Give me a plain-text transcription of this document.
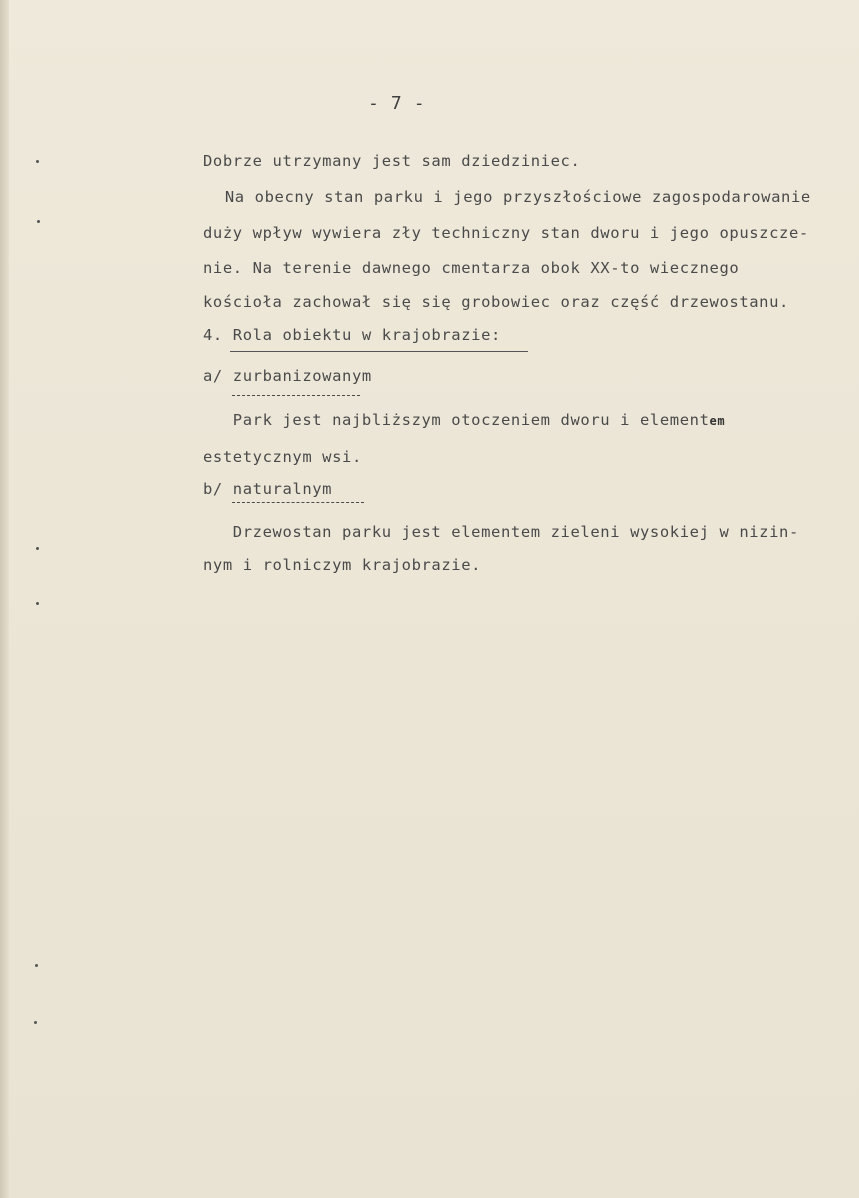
- 7 -
Dobrze utrzymany jest sam dziedziniec.
Na obecny stan parku i jego przyszłościowe zagospodarowanie
duży wpływ wywiera zły techniczny stan dworu i jego opuszcze-
nie. Na terenie dawnego cmentarza obok XX-to wiecznego
kościoła zachował się się grobowiec oraz część drzewostanu.
4. Rola obiektu w krajobrazie:
a/ zurbanizowanym
Park jest najbliższym otoczeniem dworu i elementem
estetycznym wsi.
b/ naturalnym
Drzewostan parku jest elementem zieleni wysokiej w nizin-
nym i rolniczym krajobrazie.
